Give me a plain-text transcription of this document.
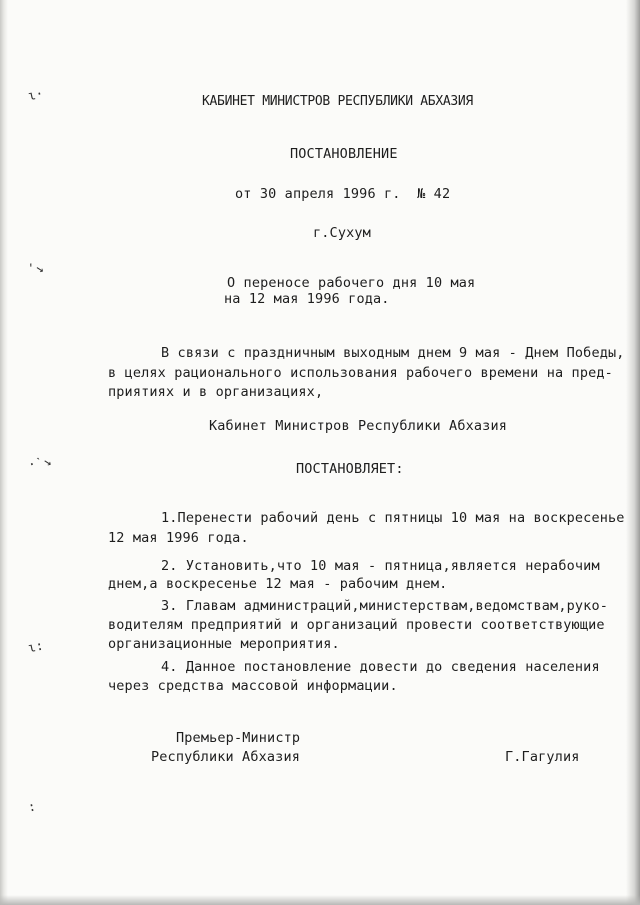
ɩ·
ʹ↘
·ˋ↘
ɩ:
:
КАБИНЕТ МИНИСТРОВ РЕСПУБЛИКИ АБХАЗИЯ
ПОСТАНОВЛЕНИЕ
от 30 апреля 1996 г.  № 42
г.Сухум
О переносе рабочего дня 10 мая
на 12 мая 1996 года.
В связи с праздничным выходным днем 9 мая - Днем Победы,
в целях рационального использования рабочего времени на пред-
приятиях и в организациях,
Кабинет Министров Республики Абхазия
ПОСТАНОВЛЯЕТ:
1.Перенести рабочий день с пятницы 10 мая на воскресенье
12 мая 1996 года.
2. Установить,что 10 мая - пятница,является нерабочим
днем,а воскресенье 12 мая - рабочим днем.
3. Главам администраций,министерствам,ведомствам,руко-
водителям предприятий и организаций провести соответствующие
организационные мероприятия.
4. Данное постановление довести до сведения населения
через средства массовой информации.
Премьер-Министр
Республики Абхазия	Г.Гагулия
